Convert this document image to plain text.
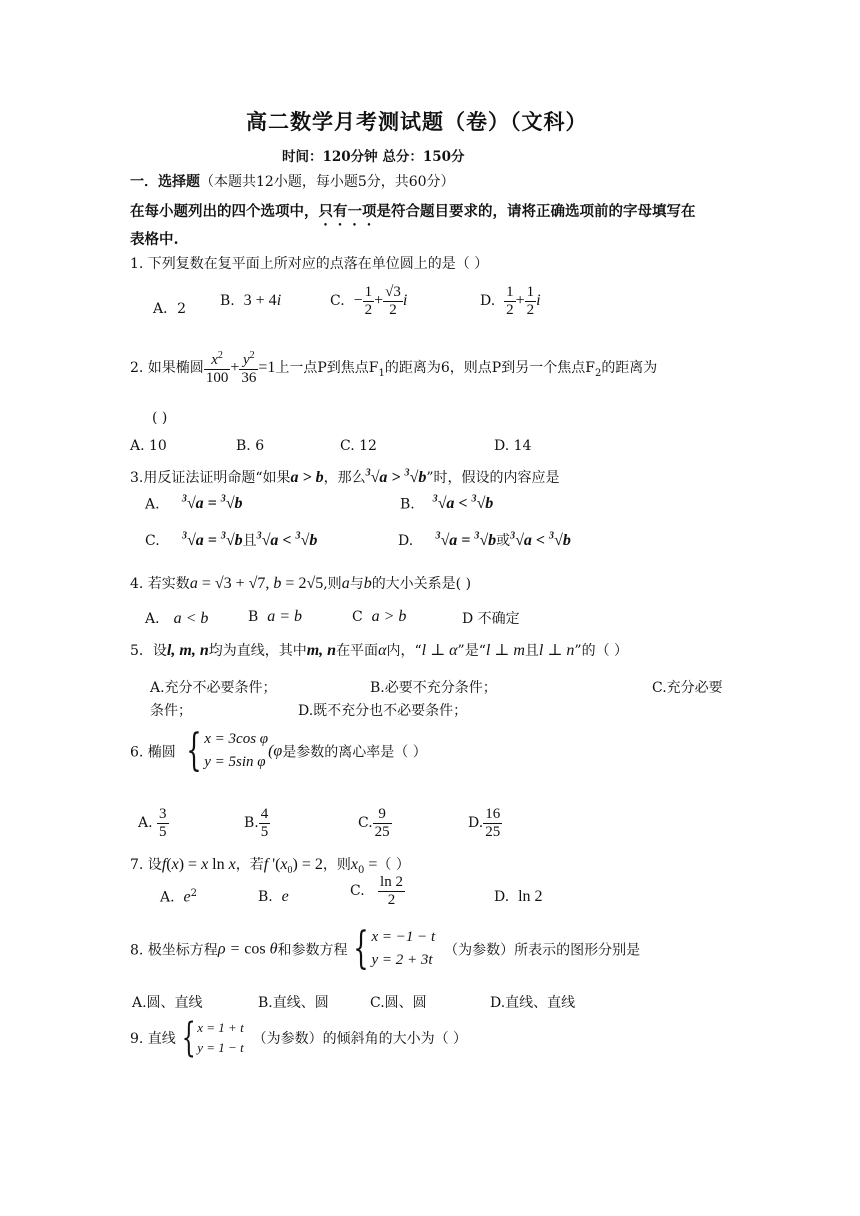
高二数学月考测试题（卷）（文科）
时间：120分钟 总分：150分
一．选择题（本题共12小题，每小题5分，共60分）
在每小题列出的四个选项中，只有一项是符合题目要求的，请将正确选项前的字母填写在
表格中.
1. 下列复数在复平面上所对应的点落在单位圆上的是（ ）
A．2 B. 3 + 4i	C. − $\frac{1}{2} + \frac{√3}{2}$ i	D. $\frac{1}{2} + \frac{1}{2}$ i
2. 如果椭圆 $\frac{x^2}{100} + \frac{y^2}{36} =1$上一点P到焦点$F_1$的距离为6，则点P到另一个焦点$F_2$的距离为
( )
A. 10	B. 6	C. 12	D. 14
3.用反证法证明命题“如果a > b，那么$^3$√a > $^3$√b”时，假设的内容应是
A. $^3$√a = $^3$√b	B. $^3$√a < $^3$√b
C. $^3$√a = $^3$√b且$^3$√a < $^3$√b	D. $^3$√a = $^3$√b或$^3$√a < $^3$√b
4. 若实数a = √3 + √7, b = 2√5,则a与b的大小关系是( )
A． a < b	B a = b	C a > b	D 不确定
5．设l, m, n均为直线，其中m, n在平面α内，“l ⊥ α”是“l ⊥ m且l ⊥ n”的（ ）
A.充分不必要条件；	B.必要不充分条件；	C.充分必要
条件；	D.既不充分也不必要条件；
6. 椭圆 { x = 3cos φ
y = 5sin φ
(φ是参数的离心率是（ ）
A. $\frac{3}{5}$	B. $\frac{4}{5}$	C. $\frac{9}{25}$	D. $\frac{16}{25}$
7. 设f(x) = x ln x，若f '$(x_0) = 2$，则$x_0$ =（ ）
A. $e^2$	B. e	C. $\frac{\ln 2}{2}$	D. ln 2
8. 极坐标方程ρ = cos θ和参数方程 { x = −1 − t
y = 2 + 3t
（为参数）所表示的图形分别是
A.圆、直线	B.直线、圆	C.圆、圆	D.直线、直线
9. 直线 { x = 1 + t
y = 1 − t
（为参数）的倾斜角的大小为（ ）
